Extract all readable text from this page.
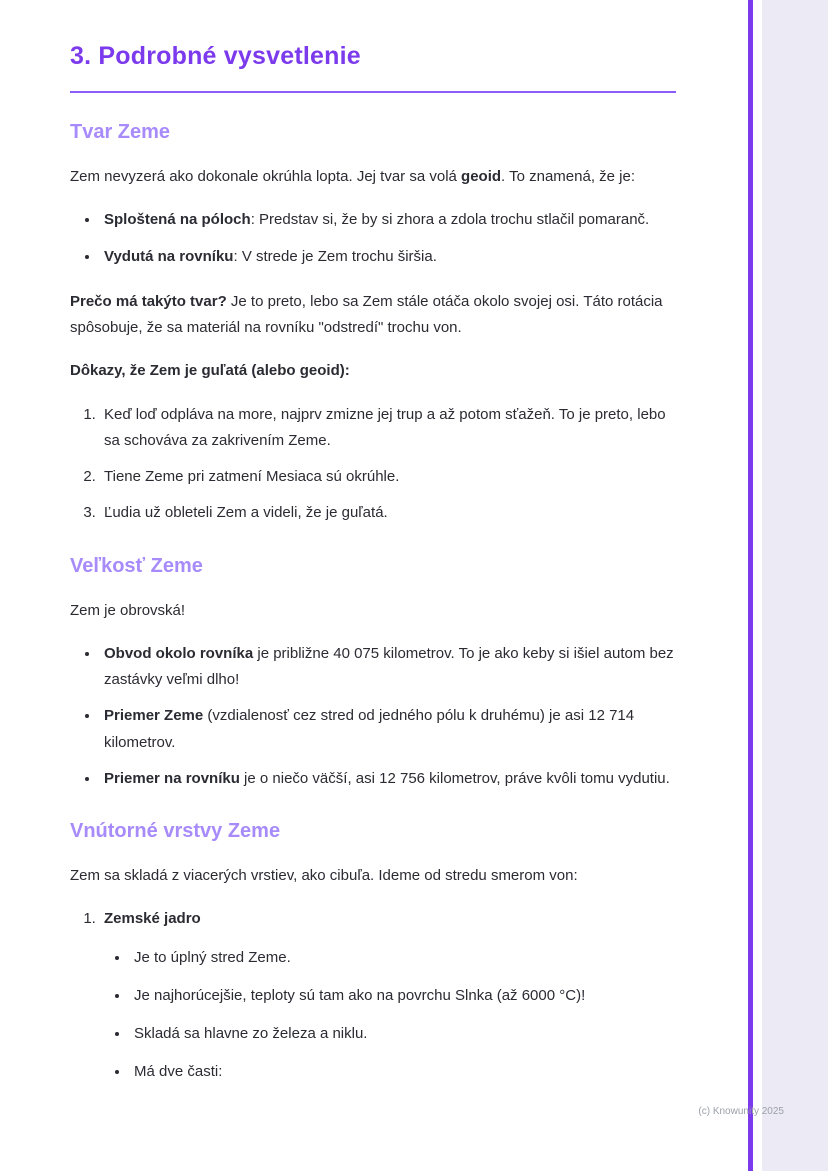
3. Podrobné vysvetlenie
Tvar Zeme

Zem nevyzerá ako dokonale okrúhla lopta. Jej tvar sa volá geoid. To znamená, že je:

• Sploštená na póloch: Predstav si, že by si zhora a zdola trochu stlačil pomaranč.
• Vydutá na rovníku: V strede je Zem trochu širšia.

Prečo má takýto tvar? Je to preto, lebo sa Zem stále otáča okolo svojej osi. Táto rotácia spôsobuje, že sa materiál na rovníku "odstredí" trochu von.

Dôkazy, že Zem je guľatá (alebo geoid):

1. Keď loď odpláva na more, najprv zmizne jej trup a až potom sťažeň. To je preto, lebo sa schováva za zakrivením Zeme.
2. Tiene Zeme pri zatmení Mesiaca sú okrúhle.
3. Ľudia už obleteli Zem a videli, že je guľatá.
Veľkosť Zeme

Zem je obrovská!

• Obvod okolo rovníka je približne 40 075 kilometrov. To je ako keby si išiel autom bez zastávky veľmi dlho!
• Priemer Zeme (vzdialenosť cez stred od jedného pólu k druhému) je asi 12 714 kilometrov.
• Priemer na rovníku je o niečo väčší, asi 12 756 kilometrov, práve kvôli tomu vydutiu.
Vnútorné vrstvy Zeme

Zem sa skladá z viacerých vrstiev, ako cibuľa. Ideme od stredu smerom von:

1. Zemské jadro
• Je to úplný stred Zeme.
• Je najhorúcejšie, teploty sú tam ako na povrchu Slnka (až 6000 °C)!
• Skladá sa hlavne zo železa a niklu.
• Má dve časti:
(c) Knowunity 2025
